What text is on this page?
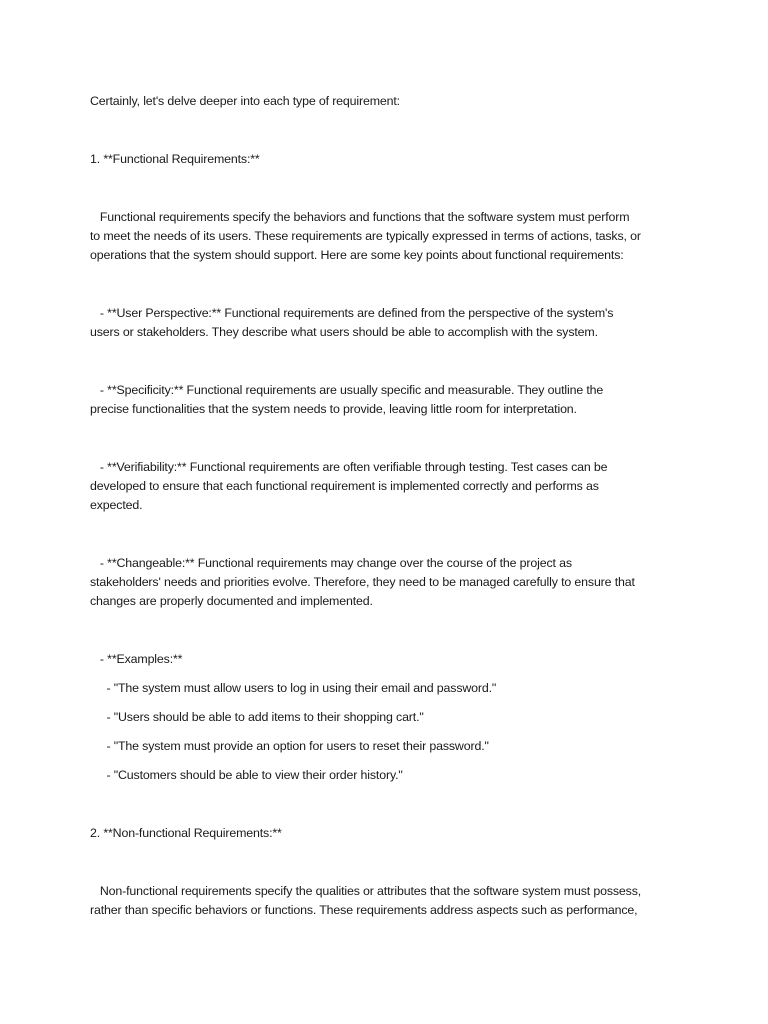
Certainly, let's delve deeper into each type of requirement:
1. **Functional Requirements:**
Functional requirements specify the behaviors and functions that the software system must perform
to meet the needs of its users. These requirements are typically expressed in terms of actions, tasks, or
operations that the system should support. Here are some key points about functional requirements:
- **User Perspective:** Functional requirements are defined from the perspective of the system's
users or stakeholders. They describe what users should be able to accomplish with the system.
- **Specificity:** Functional requirements are usually specific and measurable. They outline the
precise functionalities that the system needs to provide, leaving little room for interpretation.
- **Verifiability:** Functional requirements are often verifiable through testing. Test cases can be
developed to ensure that each functional requirement is implemented correctly and performs as
expected.
- **Changeable:** Functional requirements may change over the course of the project as
stakeholders' needs and priorities evolve. Therefore, they need to be managed carefully to ensure that
changes are properly documented and implemented.
- **Examples:**
- "The system must allow users to log in using their email and password."
- "Users should be able to add items to their shopping cart."
- "The system must provide an option for users to reset their password."
- "Customers should be able to view their order history."
2. **Non-functional Requirements:**
Non-functional requirements specify the qualities or attributes that the software system must possess,
rather than specific behaviors or functions. These requirements address aspects such as performance,
